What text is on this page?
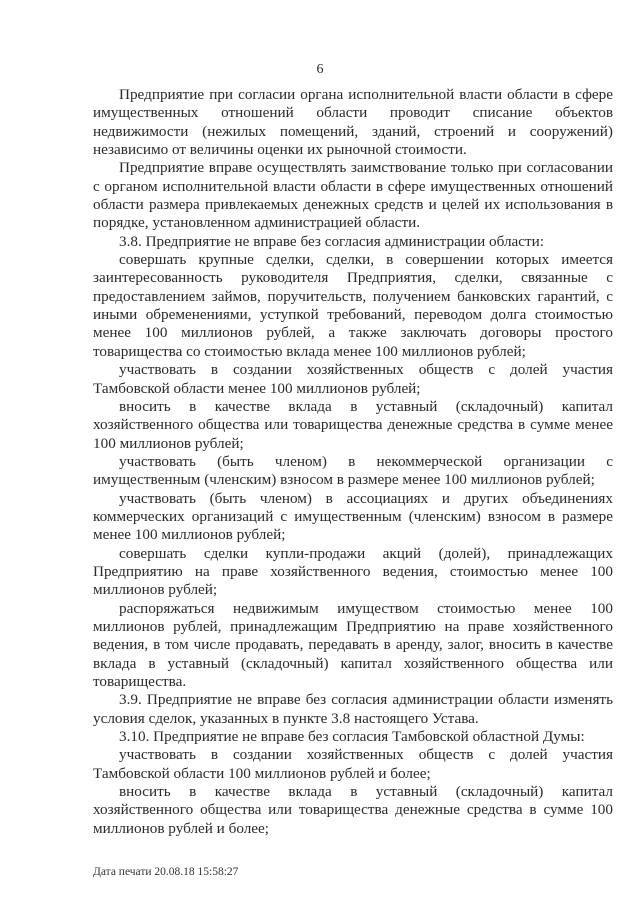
6

Предприятие при согласии органа исполнительной власти области в сфере имущественных отношений области проводит списание объектов недвижимости (нежилых помещений, зданий, строений и сооружений) независимо от величины оценки их рыночной стоимости.

Предприятие вправе осуществлять заимствование только при согласовании с органом исполнительной власти области в сфере имущественных отношений области размера привлекаемых денежных средств и целей их использования в порядке, установленном администрацией области.

3.8. Предприятие не вправе без согласия администрации области:

совершать крупные сделки, сделки, в совершении которых имеется заинтересованность руководителя Предприятия, сделки, связанные с предоставлением займов, поручительств, получением банковских гарантий, с иными обременениями, уступкой требований, переводом долга стоимостью менее 100 миллионов рублей, а также заключать договоры простого товарищества со стоимостью вклада менее 100 миллионов рублей;

участвовать в создании хозяйственных обществ с долей участия Тамбовской области менее 100 миллионов рублей;

вносить в качестве вклада в уставный (складочный) капитал хозяйственного общества или товарищества денежные средства в сумме менее 100 миллионов рублей;

участвовать (быть членом) в некоммерческой организации с имущественным (членским) взносом в размере менее 100 миллионов рублей;

участвовать (быть членом) в ассоциациях и других объединениях коммерческих организаций с имущественным (членским) взносом в размере менее 100 миллионов рублей;

совершать сделки купли-продажи акций (долей), принадлежащих Предприятию на праве хозяйственного ведения, стоимостью менее 100 миллионов рублей;

распоряжаться недвижимым имуществом стоимостью менее 100 миллионов рублей, принадлежащим Предприятию на праве хозяйственного ведения, в том числе продавать, передавать в аренду, залог, вносить в качестве вклада в уставный (складочный) капитал хозяйственного общества или товарищества.

3.9. Предприятие не вправе без согласия администрации области изменять условия сделок, указанных в пункте 3.8 настоящего Устава.

3.10. Предприятие не вправе без согласия Тамбовской областной Думы:

участвовать в создании хозяйственных обществ с долей участия Тамбовской области 100 миллионов рублей и более;

вносить в качестве вклада в уставный (складочный) капитал хозяйственного общества или товарищества денежные средства в сумме 100 миллионов рублей и более;

Дата печати 20.08.18 15:58:27
